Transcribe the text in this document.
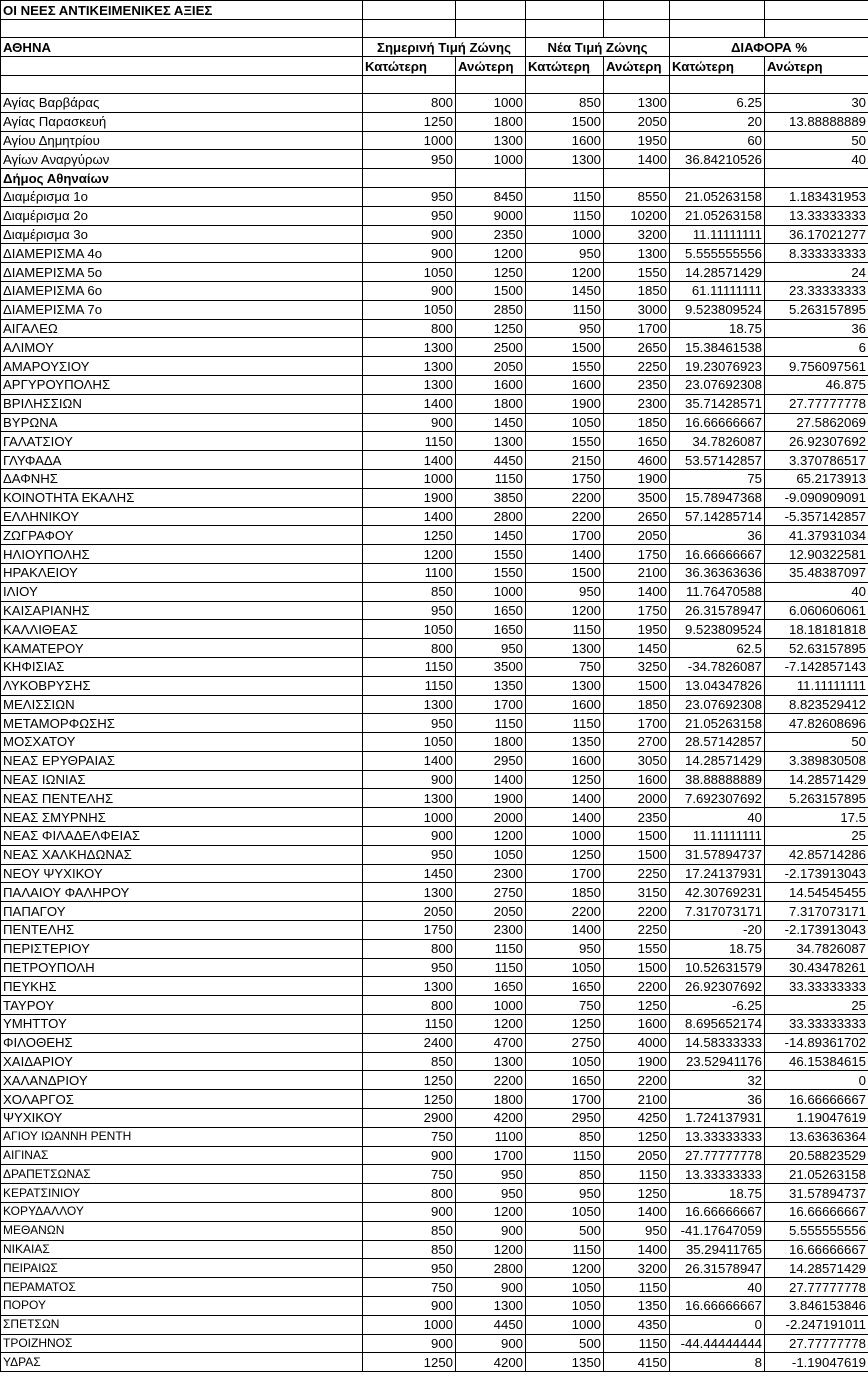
ΟΙ ΝΕΕΣ ΑΝΤΙΚΕΙΜΕΝΙΚΕΣ ΑΞΙΕΣ						

ΑΘΗΝΑ	Σημερινή Τιμή Ζώνης		Νέα Τιμή Ζώνης		ΔΙΑΦΟΡΑ %	
	Κατώτερη	Ανώτερη	Κατώτερη	Ανώτερη	Κατώτερη	Ανώτερη

Αγίας Βαρβάρας	800	1000	850	1300	6.25	30
Αγίας Παρασκευή	1250	1800	1500	2050	20	13.88888889
Αγίου Δημητρίου	1000	1300	1600	1950	60	50
Αγίων Αναργύρων	950	1000	1300	1400	36.84210526	40
Δήμος Αθηναίων						
Διαμέρισμα 1ο	950	8450	1150	8550	21.05263158	1.183431953
Διαμέρισμα 2ο	950	9000	1150	10200	21.05263158	13.33333333
Διαμέρισμα 3ο	900	2350	1000	3200	11.11111111	36.17021277
ΔΙΑΜΕΡΙΣΜΑ 4ο	900	1200	950	1300	5.555555556	8.333333333
ΔΙΑΜΕΡΙΣΜΑ 5ο	1050	1250	1200	1550	14.28571429	24
ΔΙΑΜΕΡΙΣΜΑ 6ο	900	1500	1450	1850	61.11111111	23.33333333
ΔΙΑΜΕΡΙΣΜΑ 7ο	1050	2850	1150	3000	9.523809524	5.263157895
ΑΙΓΑΛΕΩ	800	1250	950	1700	18.75	36
ΑΛΙΜΟΥ	1300	2500	1500	2650	15.38461538	6
ΑΜΑΡΟΥΣΙΟΥ	1300	2050	1550	2250	19.23076923	9.756097561
ΑΡΓΥΡΟΥΠΟΛΗΣ	1300	1600	1600	2350	23.07692308	46.875
ΒΡΙΛΗΣΣΙΩΝ	1400	1800	1900	2300	35.71428571	27.77777778
ΒΥΡΩΝΑ	900	1450	1050	1850	16.66666667	27.5862069
ΓΑΛΑΤΣΙΟΥ	1150	1300	1550	1650	34.7826087	26.92307692
ΓΛΥΦΑΔΑ	1400	4450	2150	4600	53.57142857	3.370786517
ΔΑΦΝΗΣ	1000	1150	1750	1900	75	65.2173913
ΚΟΙΝΟΤΗΤΑ ΕΚΑΛΗΣ	1900	3850	2200	3500	15.78947368	-9.090909091
ΕΛΛΗΝΙΚΟΥ	1400	2800	2200	2650	57.14285714	-5.357142857
ΖΩΓΡΑΦΟΥ	1250	1450	1700	2050	36	41.37931034
ΗΛΙΟΥΠΟΛΗΣ	1200	1550	1400	1750	16.66666667	12.90322581
ΗΡΑΚΛΕΙΟΥ	1100	1550	1500	2100	36.36363636	35.48387097
ΙΛΙΟΥ	850	1000	950	1400	11.76470588	40
ΚΑΙΣΑΡΙΑΝΗΣ	950	1650	1200	1750	26.31578947	6.060606061
ΚΑΛΛΙΘΕΑΣ	1050	1650	1150	1950	9.523809524	18.18181818
ΚΑΜΑΤΕΡΟΥ	800	950	1300	1450	62.5	52.63157895
ΚΗΦΙΣΙΑΣ	1150	3500	750	3250	-34.7826087	-7.142857143
ΛΥΚΟΒΡΥΣΗΣ	1150	1350	1300	1500	13.04347826	11.11111111
ΜΕΛΙΣΣΙΩΝ	1300	1700	1600	1850	23.07692308	8.823529412
ΜΕΤΑΜΟΡΦΩΣΗΣ	950	1150	1150	1700	21.05263158	47.82608696
ΜΟΣΧΑΤΟΥ	1050	1800	1350	2700	28.57142857	50
ΝΕΑΣ ΕΡΥΘΡΑΙΑΣ	1400	2950	1600	3050	14.28571429	3.389830508
ΝΕΑΣ ΙΩΝΙΑΣ	900	1400	1250	1600	38.88888889	14.28571429
ΝΕΑΣ ΠΕΝΤΕΛΗΣ	1300	1900	1400	2000	7.692307692	5.263157895
ΝΕΑΣ ΣΜΥΡΝΗΣ	1000	2000	1400	2350	40	17.5
ΝΕΑΣ ΦΙΛΑΔΕΛΦΕΙΑΣ	900	1200	1000	1500	11.11111111	25
ΝΕΑΣ ΧΑΛΚΗΔΩΝΑΣ	950	1050	1250	1500	31.57894737	42.85714286
ΝΕΟΥ ΨΥΧΙΚΟΥ	1450	2300	1700	2250	17.24137931	-2.173913043
ΠΑΛΑΙΟΥ ΦΑΛΗΡΟΥ	1300	2750	1850	3150	42.30769231	14.54545455
ΠΑΠΑΓΟΥ	2050	2050	2200	2200	7.317073171	7.317073171
ΠΕΝΤΕΛΗΣ	1750	2300	1400	2250	-20	-2.173913043
ΠΕΡΙΣΤΕΡΙΟΥ	800	1150	950	1550	18.75	34.7826087
ΠΕΤΡΟΥΠΟΛΗ	950	1150	1050	1500	10.52631579	30.43478261
ΠΕΥΚΗΣ	1300	1650	1650	2200	26.92307692	33.33333333
ΤΑΥΡΟΥ	800	1000	750	1250	-6.25	25
ΥΜΗΤΤΟΥ	1150	1200	1250	1600	8.695652174	33.33333333
ΦΙΛΟΘΕΗΣ	2400	4700	2750	4000	14.58333333	-14.89361702
ΧΑΙΔΑΡΙΟΥ	850	1300	1050	1900	23.52941176	46.15384615
ΧΑΛΑΝΔΡΙΟΥ	1250	2200	1650	2200	32	0
ΧΟΛΑΡΓΟΣ	1250	1800	1700	2100	36	16.66666667
ΨΥΧΙΚΟΥ	2900	4200	2950	4250	1.724137931	1.19047619
ΑΓΙΟΥ ΙΩΑΝΝΗ ΡΕΝΤΗ	750	1100	850	1250	13.33333333	13.63636364
ΑΙΓΙΝΑΣ	900	1700	1150	2050	27.77777778	20.58823529
ΔΡΑΠΕΤΣΩΝΑΣ	750	950	850	1150	13.33333333	21.05263158
ΚΕΡΑΤΣΙΝΙΟΥ	800	950	950	1250	18.75	31.57894737
ΚΟΡΥΔΑΛΛΟΥ	900	1200	1050	1400	16.66666667	16.66666667
ΜΕΘΑΝΩΝ	850	900	500	950	-41.17647059	5.555555556
ΝΙΚΑΙΑΣ	850	1200	1150	1400	35.29411765	16.66666667
ΠΕΙΡΑΙΩΣ	950	2800	1200	3200	26.31578947	14.28571429
ΠΕΡΑΜΑΤΟΣ	750	900	1050	1150	40	27.77777778
ΠΟΡΟΥ	900	1300	1050	1350	16.66666667	3.846153846
ΣΠΕΤΣΩΝ	1000	4450	1000	4350	0	-2.247191011
ΤΡΟΙΖΗΝΟΣ	900	900	500	1150	-44.44444444	27.77777778
ΥΔΡΑΣ	1250	4200	1350	4150	8	-1.19047619
